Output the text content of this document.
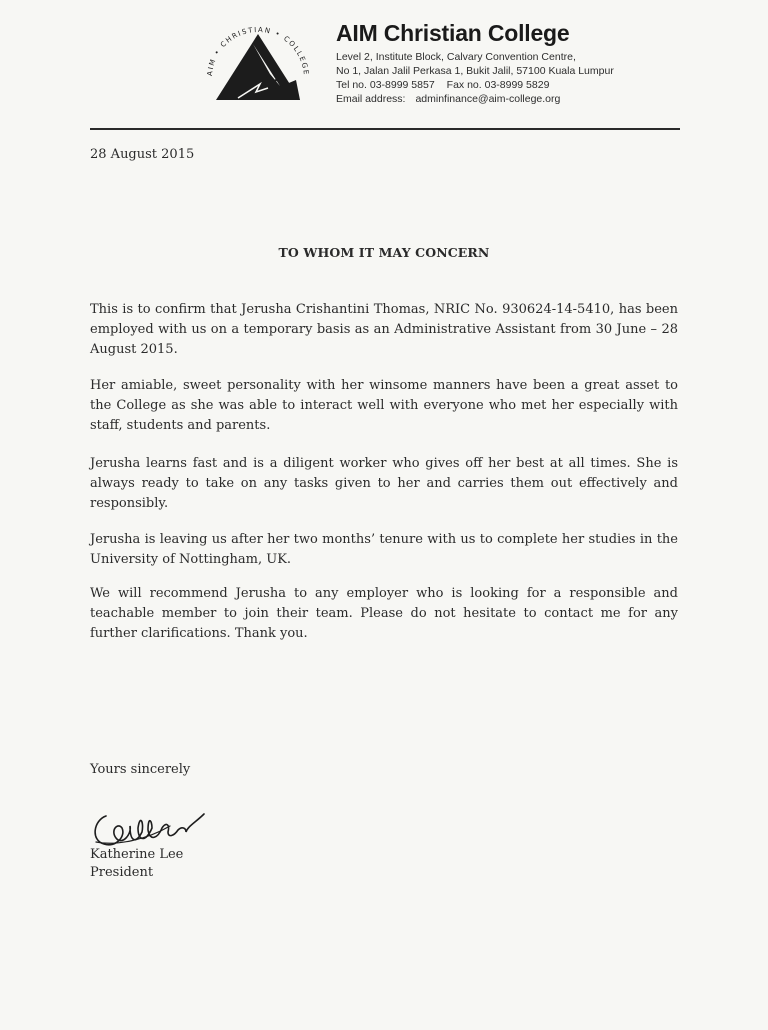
AIM • CHRISTIAN • COLLEGE
AIM Christian College
Level 2, Institute Block, Calvary Convention Centre,
No 1, Jalan Jalil Perkasa 1, Bukit Jalil, 57100 Kuala Lumpur
Tel no. 03-8999 5857 Fax no. 03-8999 5829
Email address: adminfinance@aim-college.org
28 August 2015
TO WHOM IT MAY CONCERN

This is to confirm that Jerusha Crishantini Thomas, NRIC No. 930624-14-5410, has been employed with us on a temporary basis as an Administrative Assistant from 30 June – 28 August 2015.

Her amiable, sweet personality with her winsome manners have been a great asset to the College as she was able to interact well with everyone who met her especially with staff, students and parents.

Jerusha learns fast and is a diligent worker who gives off her best at all times. She is always ready to take on any tasks given to her and carries them out effectively and responsibly.

Jerusha is leaving us after her two months’ tenure with us to complete her studies in the University of Nottingham, UK.

We will recommend Jerusha to any employer who is looking for a responsible and teachable member to join their team. Please do not hesitate to contact me for any further clarifications. Thank you.

Yours sincerely
Katherine Lee
President
